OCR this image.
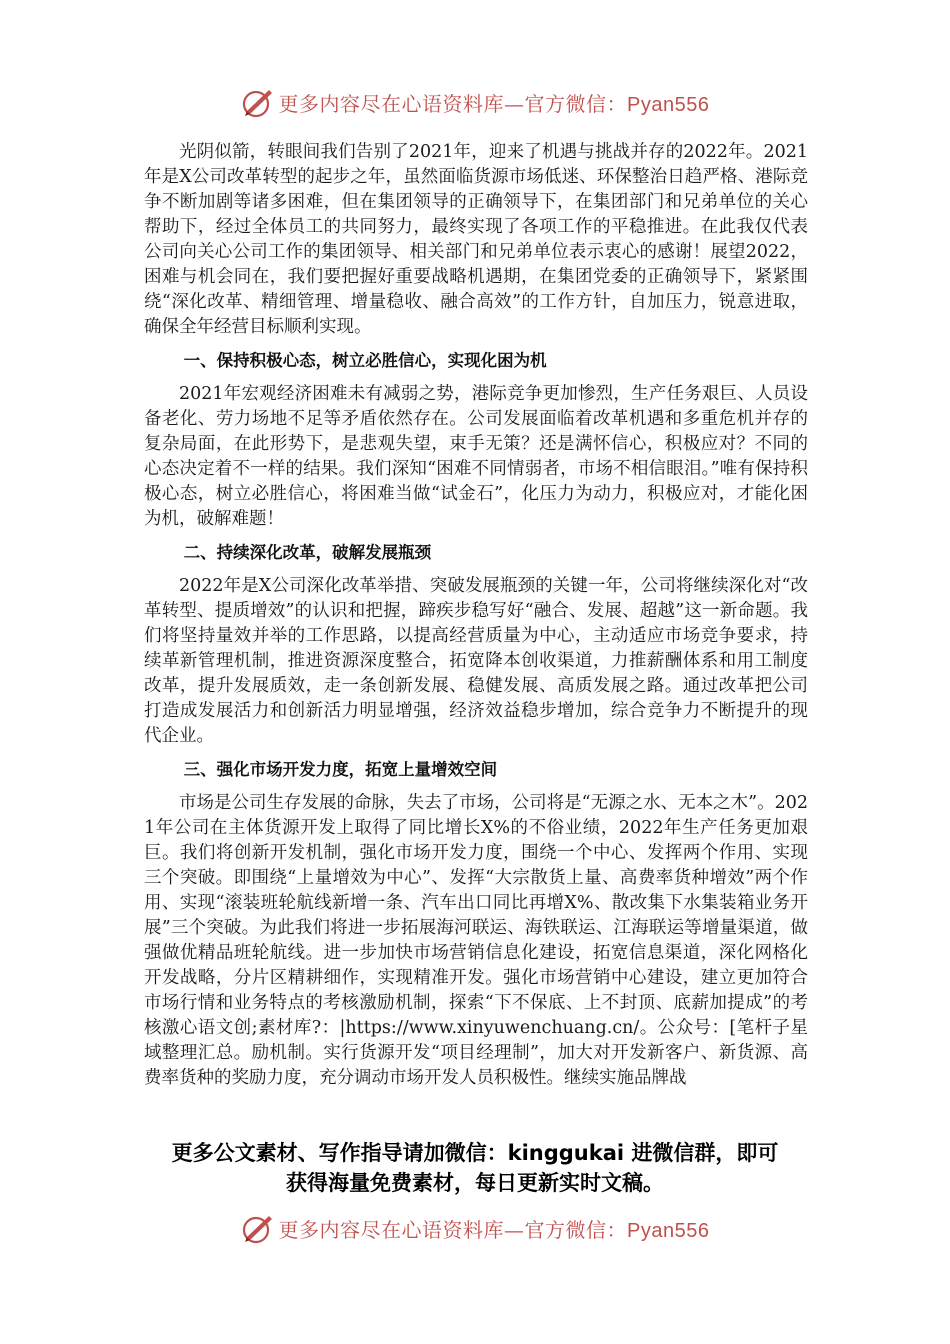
更多内容尽在心语资料库—官方微信：Pyan556

光阴似箭，转眼间我们告别了2021年，迎来了机遇与挑战并存的2022年。2021年是X公司改革转型的起步之年，虽然面临货源市场低迷、环保整治日趋严格、港际竞争不断加剧等诸多困难，但在集团领导的正确领导下，在集团部门和兄弟单位的关心帮助下，经过全体员工的共同努力，最终实现了各项工作的平稳推进。在此我仅代表公司向关心公司工作的集团领导、相关部门和兄弟单位表示衷心的感谢！展望2022，困难与机会同在，我们要把握好重要战略机遇期，在集团党委的正确领导下，紧紧围绕“深化改革、精细管理、增量稳收、融合高效”的工作方针，自加压力，锐意进取，确保全年经营目标顺利实现。

一、保持积极心态，树立必胜信心，实现化困为机

2021年宏观经济困难未有减弱之势，港际竞争更加惨烈，生产任务艰巨、人员设备老化、劳力场地不足等矛盾依然存在。公司发展面临着改革机遇和多重危机并存的复杂局面，在此形势下，是悲观失望，束手无策？还是满怀信心，积极应对？不同的心态决定着不一样的结果。我们深知“困难不同情弱者，市场不相信眼泪。”唯有保持积极心态，树立必胜信心，将困难当做“试金石”，化压力为动力，积极应对，才能化困为机，破解难题！

二、持续深化改革，破解发展瓶颈

2022年是X公司深化改革举措、突破发展瓶颈的关键一年，公司将继续深化对“改革转型、提质增效”的认识和把握，蹄疾步稳写好“融合、发展、超越”这一新命题。我们将坚持量效并举的工作思路，以提高经营质量为中心，主动适应市场竞争要求，持续革新管理机制，推进资源深度整合，拓宽降本创收渠道，力推薪酬体系和用工制度改革，提升发展质效，走一条创新发展、稳健发展、高质发展之路。通过改革把公司打造成发展活力和创新活力明显增强，经济效益稳步增加，综合竞争力不断提升的现代企业。

三、强化市场开发力度，拓宽上量增效空间

市场是公司生存发展的命脉，失去了市场，公司将是“无源之水、无本之木”。2021年公司在主体货源开发上取得了同比增长X%的不俗业绩，2022年生产任务更加艰巨。我们将创新开发机制，强化市场开发力度，围绕一个中心、发挥两个作用、实现三个突破。即围绕“上量增效为中心”、发挥“大宗散货上量、高费率货种增效”两个作用、实现“滚装班轮航线新增一条、汽车出口同比再增X%、散改集下水集装箱业务开展”三个突破。为此我们将进一步拓展海河联运、海铁联运、江海联运等增量渠道，做强做优精品班轮航线。进一步加快市场营销信息化建设，拓宽信息渠道，深化网格化开发战略，分片区精耕细作，实现精准开发。强化市场营销中心建设，建立更加符合市场行情和业务特点的考核激励机制，探索“下不保底、上不封顶、底薪加提成”的考核激心语文创;素材库?：|https://www.xinyuwenchuang.cn/。公众号：[笔杆子星域整理汇总。励机制。实行货源开发“项目经理制”，加大对开发新客户、新货源、高费率货种的奖励力度，充分调动市场开发人员积极性。继续实施品牌战

更多公文素材、写作指导请加微信：kinggukai 进微信群，即可
获得海量免费素材，每日更新实时文稿。
更多内容尽在心语资料库—官方微信：Pyan556
